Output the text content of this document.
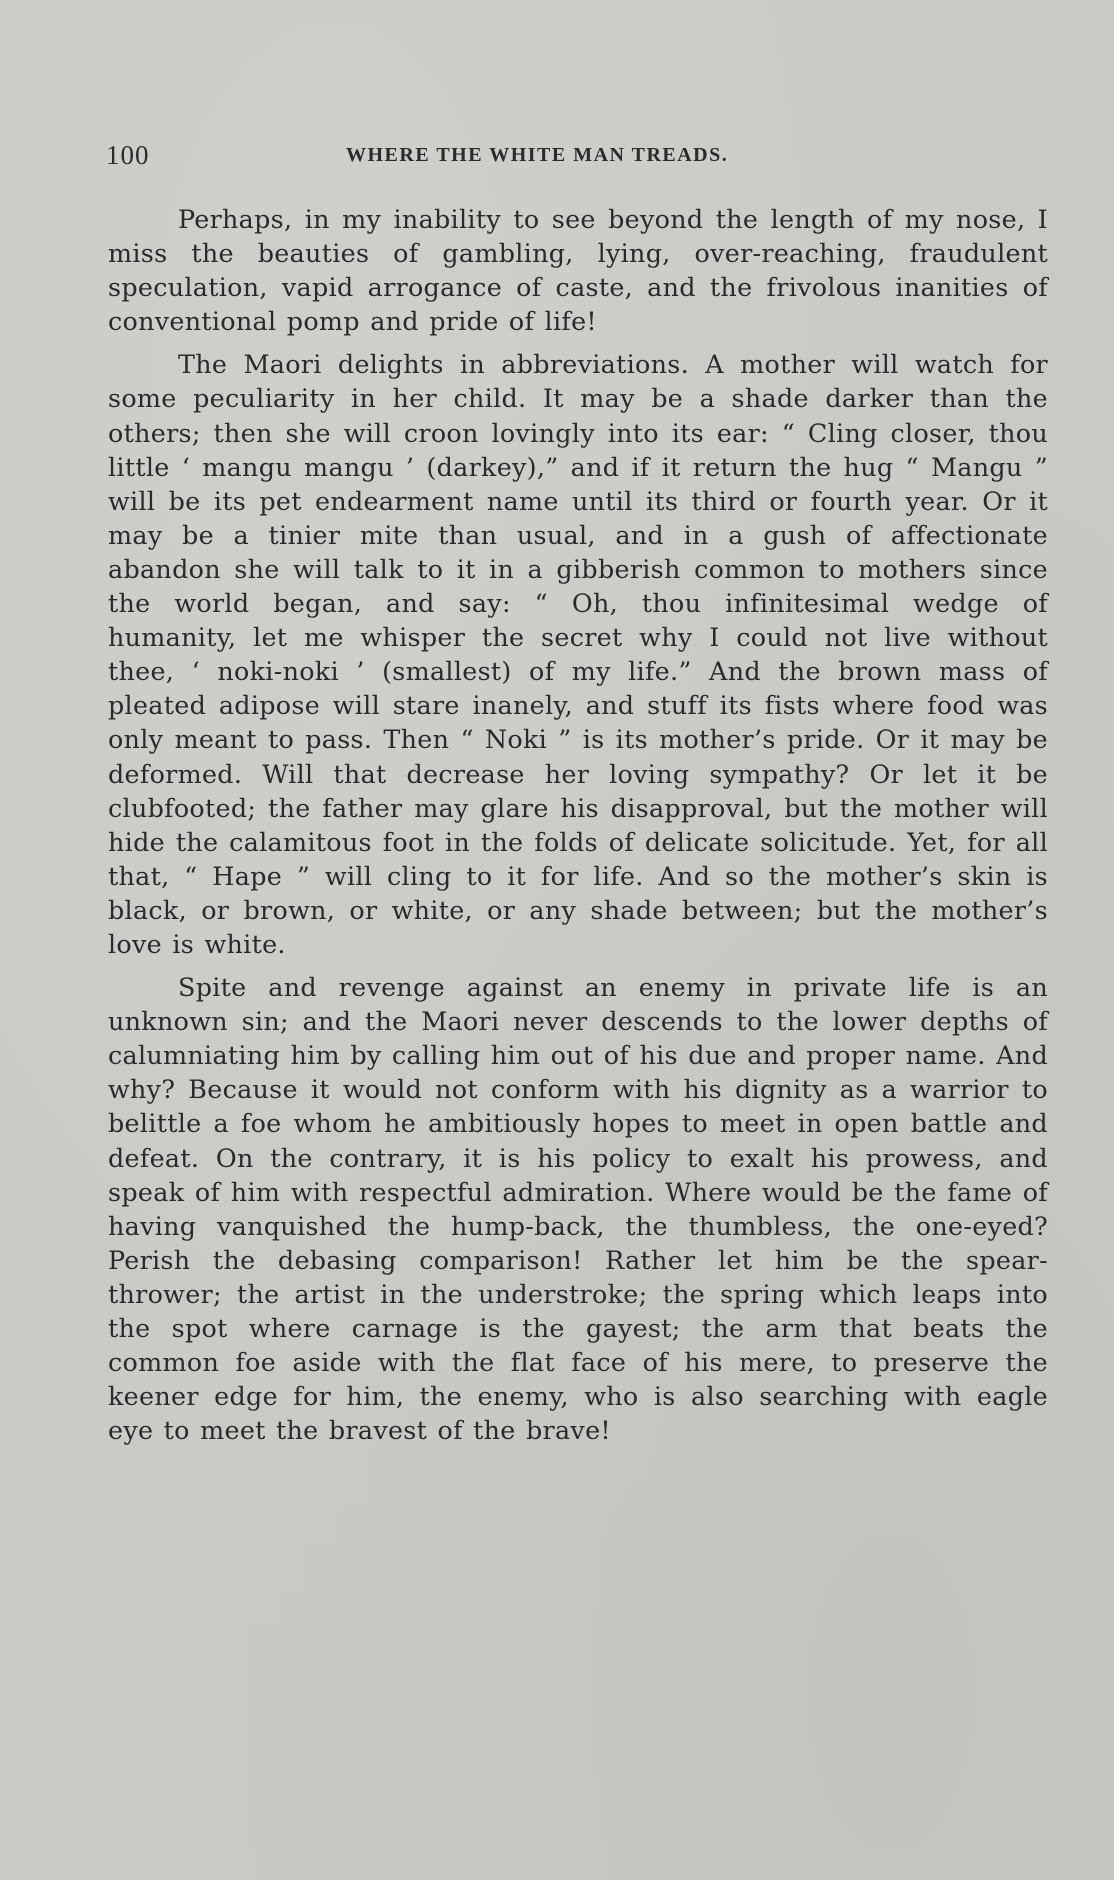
100	WHERE THE WHITE MAN TREADS.

Perhaps, in my inability to see beyond the length of my nose, I miss the beauties of gambling, lying, over-reaching, fraudulent speculation, vapid arrogance of caste, and the frivolous inanities of conventional pomp and pride of life!

The Maori delights in abbreviations. A mother will watch for some peculiarity in her child. It may be a shade darker than the others; then she will croon lovingly into its ear: “ Cling closer, thou little ‘ mangu mangu ’ (darkey),” and if it return the hug “ Mangu ” will be its pet endearment name until its third or fourth year. Or it may be a tinier mite than usual, and in a gush of affectionate abandon she will talk to it in a gibberish common to mothers since the world began, and say: “ Oh, thou infinitesimal wedge of humanity, let me whisper the secret why I could not live without thee, ‘ noki-noki ’ (smallest) of my life.” And the brown mass of pleated adipose will stare inanely, and stuff its fists where food was only meant to pass. Then “ Noki ” is its mother’s pride. Or it may be deformed. Will that decrease her loving sympathy? Or let it be clubfooted; the father may glare his disapproval, but the mother will hide the calamitous foot in the folds of delicate solicitude. Yet, for all that, “ Hape ” will cling to it for life. And so the mother’s skin is black, or brown, or white, or any shade between; but the mother’s love is white.

Spite and revenge against an enemy in private life is an unknown sin; and the Maori never descends to the lower depths of calumniating him by calling him out of his due and proper name. And why? Because it would not conform with his dignity as a warrior to belittle a foe whom he ambitiously hopes to meet in open battle and defeat. On the contrary, it is his policy to exalt his prowess, and speak of him with respectful admiration. Where would be the fame of having vanquished the hump-back, the thumbless, the one-eyed? Perish the debasing comparison! Rather let him be the spear-thrower; the artist in the understroke; the spring which leaps into the spot where carnage is the gayest; the arm that beats the common foe aside with the flat face of his mere, to preserve the keener edge for him, the enemy, who is also searching with eagle eye to meet the bravest of the brave!
